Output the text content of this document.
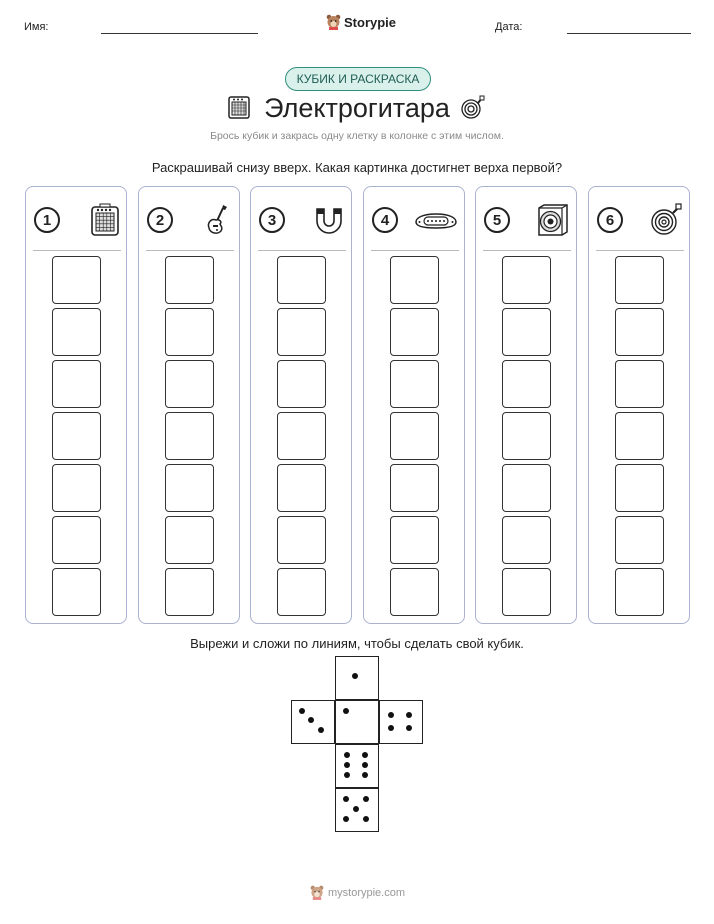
Имя:	Storypie	Дата:
КУБИК И РАСКРАСКА
Электрогитара
Брось кубик и закрась одну клетку в колонке с этим числом.
Раскрашивай снизу вверх. Какая картинка достигнет верха первой?
1	2	3	4	5	6
Вырежи и сложи по линиям, чтобы сделать свой кубик.
mystorypie.com
